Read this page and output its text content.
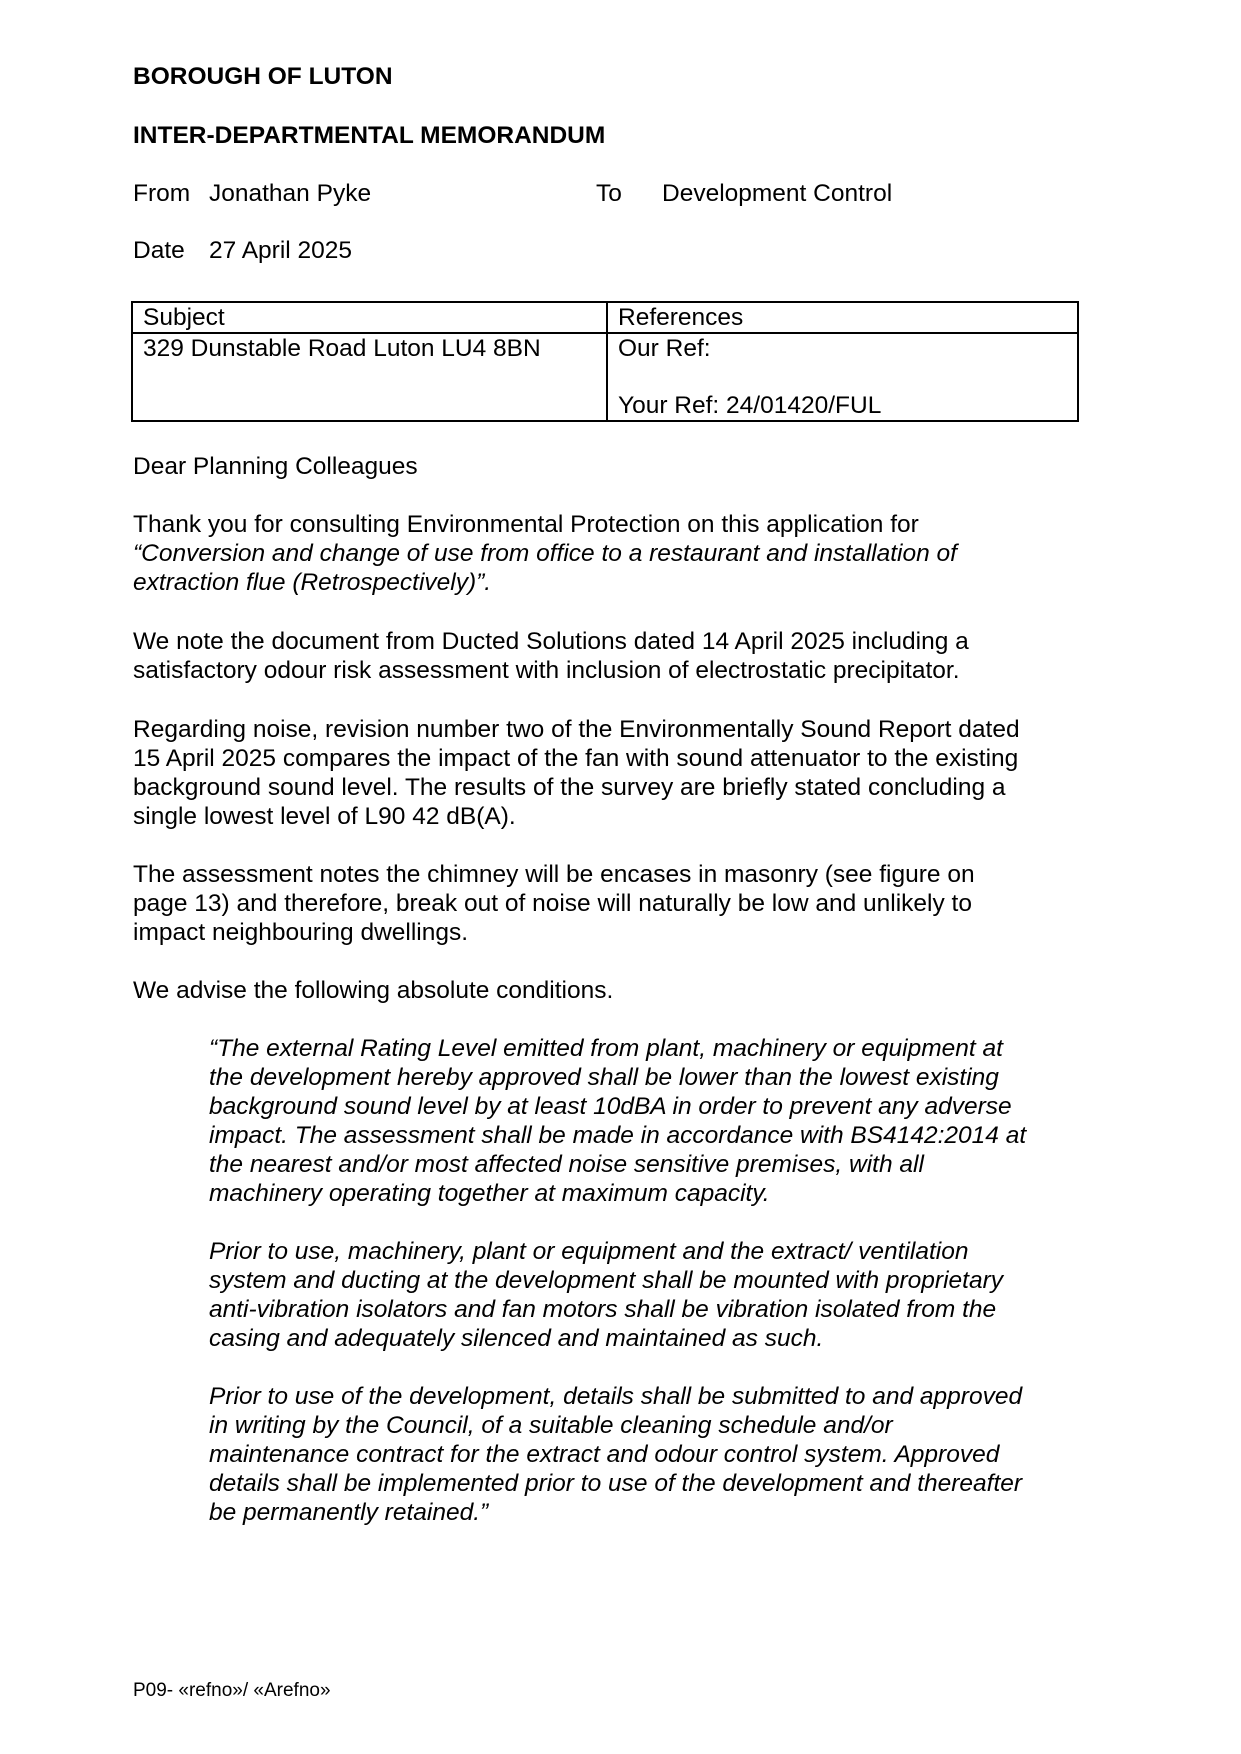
BOROUGH OF LUTON
INTER-DEPARTMENTAL MEMORANDUM
From Jonathan Pyke	To Development Control
Date 27 April 2025
Subject	References
329 Dunstable Road Luton LU4 8BN	Our Ref:
Your Ref: 24/01420/FUL
Dear Planning Colleagues
Thank you for consulting Environmental Protection on this application for
“Conversion and change of use from office to a restaurant and installation of
extraction flue (Retrospectively)”.
We note the document from Ducted Solutions dated 14 April 2025 including a
satisfactory odour risk assessment with inclusion of electrostatic precipitator.
Regarding noise, revision number two of the Environmentally Sound Report dated
15 April 2025 compares the impact of the fan with sound attenuator to the existing
background sound level. The results of the survey are briefly stated concluding a
single lowest level of L90 42 dB(A).
The assessment notes the chimney will be encases in masonry (see figure on
page 13) and therefore, break out of noise will naturally be low and unlikely to
impact neighbouring dwellings.
We advise the following absolute conditions.
“The external Rating Level emitted from plant, machinery or equipment at
the development hereby approved shall be lower than the lowest existing
background sound level by at least 10dBA in order to prevent any adverse
impact. The assessment shall be made in accordance with BS4142:2014 at
the nearest and/or most affected noise sensitive premises, with all
machinery operating together at maximum capacity.
Prior to use, machinery, plant or equipment and the extract/ ventilation
system and ducting at the development shall be mounted with proprietary
anti-vibration isolators and fan motors shall be vibration isolated from the
casing and adequately silenced and maintained as such.
Prior to use of the development, details shall be submitted to and approved
in writing by the Council, of a suitable cleaning schedule and/or
maintenance contract for the extract and odour control system. Approved
details shall be implemented prior to use of the development and thereafter
be permanently retained.”
P09- «refno»/ «Arefno»
